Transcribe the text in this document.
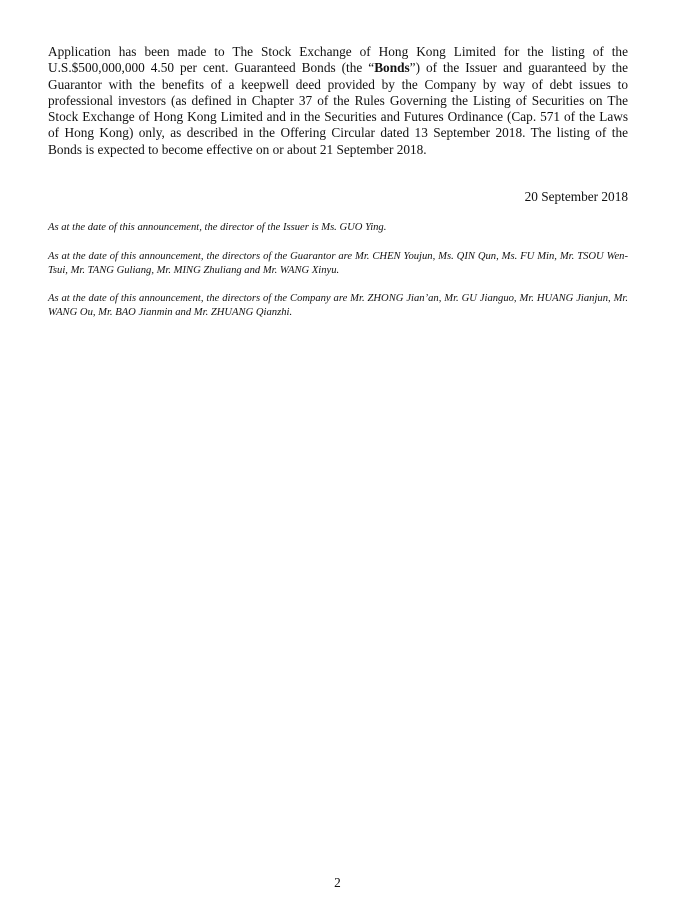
Application has been made to The Stock Exchange of Hong Kong Limited for the listing of the U.S.$500,000,000 4.50 per cent. Guaranteed Bonds (the “Bonds”) of the Issuer and guaranteed by the Guarantor with the benefits of a keepwell deed provided by the Company by way of debt issues to professional investors (as defined in Chapter 37 of the Rules Governing the Listing of Securities on The Stock Exchange of Hong Kong Limited and in the Securities and Futures Ordinance (Cap. 571 of the Laws of Hong Kong) only, as described in the Offering Circular dated 13 September 2018. The listing of the Bonds is expected to become effective on or about 21 September 2018.

20 September 2018

As at the date of this announcement, the director of the Issuer is Ms. GUO Ying.

As at the date of this announcement, the directors of the Guarantor are Mr. CHEN Youjun, Ms. QIN Qun, Ms. FU Min, Mr. TSOU Wen-Tsui, Mr. TANG Guliang, Mr. MING Zhuliang and Mr. WANG Xinyu.

As at the date of this announcement, the directors of the Company are Mr. ZHONG Jian’an, Mr. GU Jianguo, Mr. HUANG Jianjun, Mr. WANG Ou, Mr. BAO Jianmin and Mr. ZHUANG Qianzhi.

2
